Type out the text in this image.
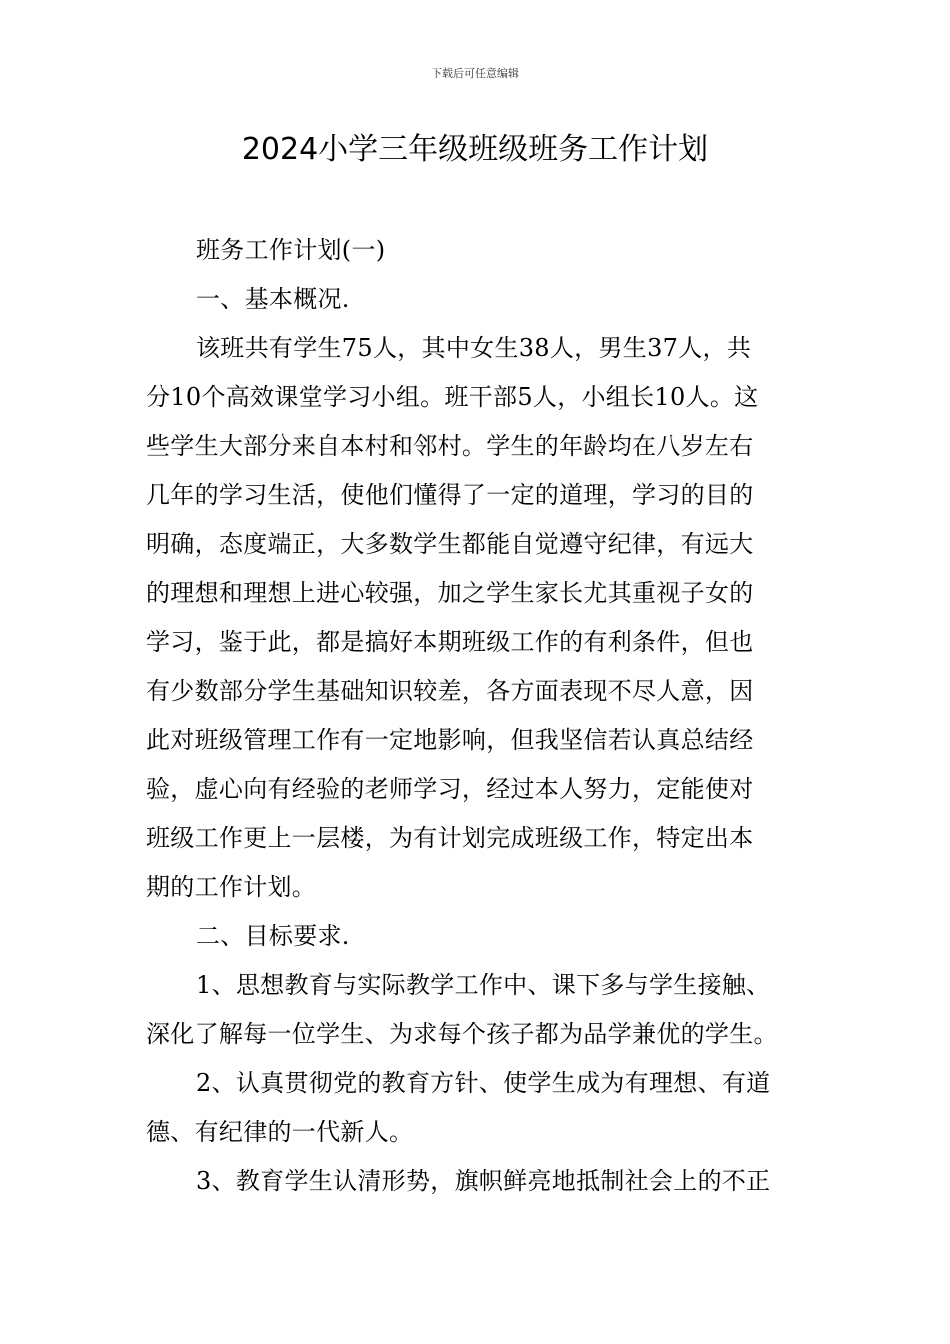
下载后可任意编辑
2024小学三年级班级班务工作计划
班务工作计划(一)
一、基本概况.
该班共有学生75人，其中女生38人，男生37人，共
分10个高效课堂学习小组。班干部5人，小组长10人。这
些学生大部分来自本村和邻村。学生的年龄均在八岁左右
几年的学习生活，使他们懂得了一定的道理，学习的目的
明确，态度端正，大多数学生都能自觉遵守纪律，有远大
的理想和理想上进心较强，加之学生家长尤其重视子女的
学习，鉴于此，都是搞好本期班级工作的有利条件，但也
有少数部分学生基础知识较差，各方面表现不尽人意，因
此对班级管理工作有一定地影响，但我坚信若认真总结经
验，虚心向有经验的老师学习，经过本人努力，定能使对
班级工作更上一层楼，为有计划完成班级工作，特定出本
期的工作计划。
二、目标要求.
1、思想教育与实际教学工作中、课下多与学生接触、
深化了解每一位学生、为求每个孩子都为品学兼优的学生。
2、认真贯彻党的教育方针、使学生成为有理想、有道
德、有纪律的一代新人。
3、教育学生认清形势，旗帜鲜亮地抵制社会上的不正
